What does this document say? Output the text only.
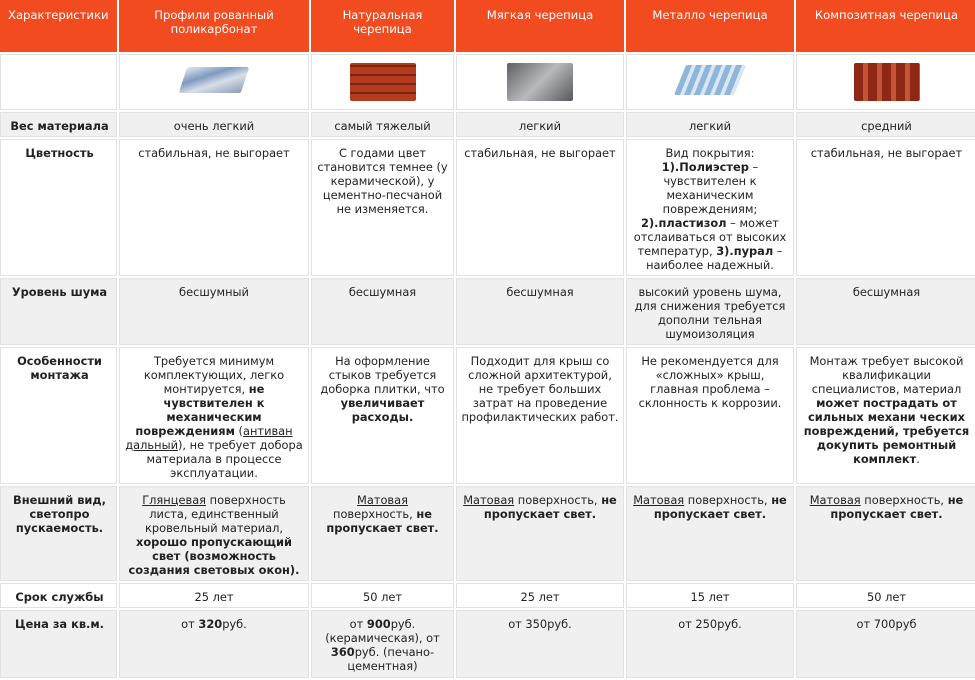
Характеристики	Профили рованный поликарбонат	Натуральная черепица	Мягкая черепица	Металло черепица	Композитная черепица

Вес материала	очень легкий	самый тяжелый	легкий	легкий	средний
Цветность	стабильная, не выгорает	С годами цвет становится темнее (у керамической), у цементно-песчаной не изменяется.	стабильная, не выгорает	Вид покрытия:
1).Полиэстер – чувствителен к механическим повреждениям;
2).пластизол – может отслаиваться от высоких температур, 3).пурал – наиболее надежный.	стабильная, не выгорает
Уровень шума	бесшумный	бесшумная	бесшумная	высокий уровень шума, для снижения требуется дополни тельная шумоизоляция	бесшумная
Особенности монтажа	Требуется минимум комплектующих, легко монтируется, не чувствителен к механическим повреждениям (антиван дальный), не требует добора материала в процессе эксплуатации.	На оформление стыков требуется доборка плитки, что увеличивает расходы.	Подходит для крыш со сложной архитектурой, не требует больших затрат на проведение профилактических работ.	Не рекомендуется для «сложных» крыш, главная проблема – склонность к коррозии.	Монтаж требует высокой квалификации специалистов, материал может пострадать от сильных механи ческих повреждений, требуется докупить ремонтный комплект.
Внешний вид, светопро пускаемость.	Глянцевая поверхность листа, единственный кровельный материал, хорошо пропускающий свет (возможность создания световых окон).	Матовая поверхность, не пропускает свет.	Матовая поверхность, не пропускает свет.	Матовая поверхность, не пропускает свет.	Матовая поверхность, не пропускает свет.
Срок службы	25 лет	50 лет	25 лет	15 лет	50 лет
Цена за кв.м.	от 320руб.	от 900руб. (керамическая), от 360руб. (печано-цементная)	от 350руб.	от 250руб.	от 700руб
